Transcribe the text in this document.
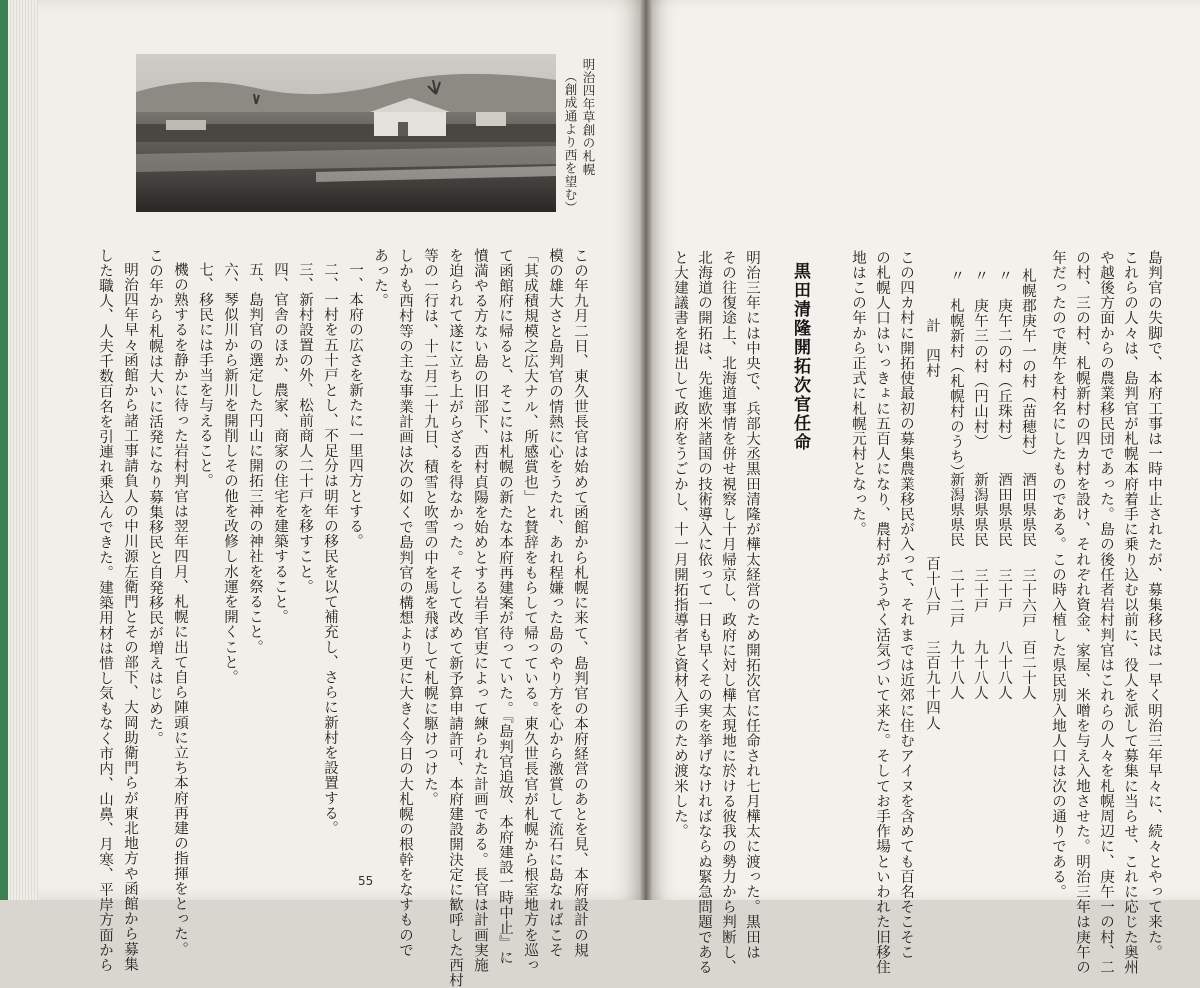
明治四年草創の札幌
（創成通より西を望む）
この年九月二日、東久世長官は始めて函館から札幌に来て、島判官の本府経営のあとを見、本府設計の規
模の雄大さと島判官の情熱に心をうたれ、あれ程嫌った島のやり方を心から激賞して流石に島なればこそ
「其成積規模之広大ナル、所感賞也」と賛辞をもらして帰っている。東久世長官が札幌から根室地方を巡っ
て函館府に帰ると、そこには札幌の新たな本府再建案が待っていた。『島判官追放、本府建設一時中止』に
憤満やる方ない島の旧部下、西村貞陽を始めとする岩手官吏によって練られた計画である。長官は計画実施
を迫られて遂に立ち上がらざるを得なかった。そして改めて新予算申請許可、本府建設開決定に歓呼した西村
等の一行は、十二月二十九日、積雪と吹雪の中を馬を飛ばして札幌に駆けつけた。
しかも西村等の主な事業計画は次の如くで島判官の構想より更に大きく今日の大札幌の根幹をなすもので
あった。
一、本府の広さを新たに一里四方とする。
二、一村を五十戸とし、不足分は明年の移民を以て補充し、さらに新村を設置する。
三、新村設置の外、松前商人二十戸を移すこと。
四、官舎のほか、農家、商家の住宅を建築すること。
五、島判官の選定した円山に開拓三神の神社を祭ること。
六、琴似川から新川を開削しその他を改修し水運を開くこと。
七、移民には手当を与えること。
機の熟するを静かに待った岩村判官は翌年四月、札幌に出て自ら陣頭に立ち本府再建の指揮をとった。
この年から札幌は大いに活発になり募集移民と自発移民が増えはじめた。
明治四年早々函館から諸工事請負人の中川源左衛門とその部下、大岡助衛門らが東北地方や函館から募集
した職人、人夫千数百名を引連れ乗込んできた。建築用材は惜し気もなく市内、山鼻、月寒、平岸方面から	55	島判官の失脚で、本府工事は一時中止されたが、募集移民は一早く明治三年早々に、続々とやって来た。
これらの人々は、島判官が札幌本府着手に乗り込む以前に、役人を派して募集に当らせ、これに応じた奥州
や越後方面からの農業移民団であった。島の後任者岩村判官はこれらの人々を札幌周辺に、庚午一の村、二
の村、三の村、札幌新村の四カ村を設け、それぞれ資金、家屋、米噌を与え入地させた。明治三年は庚午の
年だったので庚午を村名にしたものである。この時入植した県民別入地人口は次の通りである。
札幌郡庚午一の村（苗穂村）
酒田県県民
三十六戸
百二十人
〃　庚午二の村（丘珠村）
酒田県県民
三十戸
八十八人
〃　庚午三の村（円山村）
新潟県県民
三十戸
九十八人
〃　札幌新村（札幌村のうち）
新潟県県民
二十二戸
九十八人
計　四村
百十八戸
三百九十四人
この四カ村に開拓使最初の募集農業移民が入って、それまでは近郊に住むアイヌを含めても百名そこそこ
の札幌人口はいっきょに五百人になり、農村がようやく活気づいて来た。そしてお手作場といわれた旧移住
地はこの年から正式に札幌元村となった。
黒田清隆開拓次官任命
明治三年には中央で、兵部大丞黒田清隆が樺太経営のため開拓次官に任命され七月樺太に渡った。黒田は
その往復途上、北海道事情を併せ視察し十月帰京し、政府に対し樺太現地に於ける彼我の勢力から判断し、
北海道の開拓は、先進欧米諸国の技術導入に依って一日も早くその実を挙げなければならぬ緊急問題である
と大建議書を提出して政府をうごかし、十一月開拓指導者と資材入手のため渡米した。
